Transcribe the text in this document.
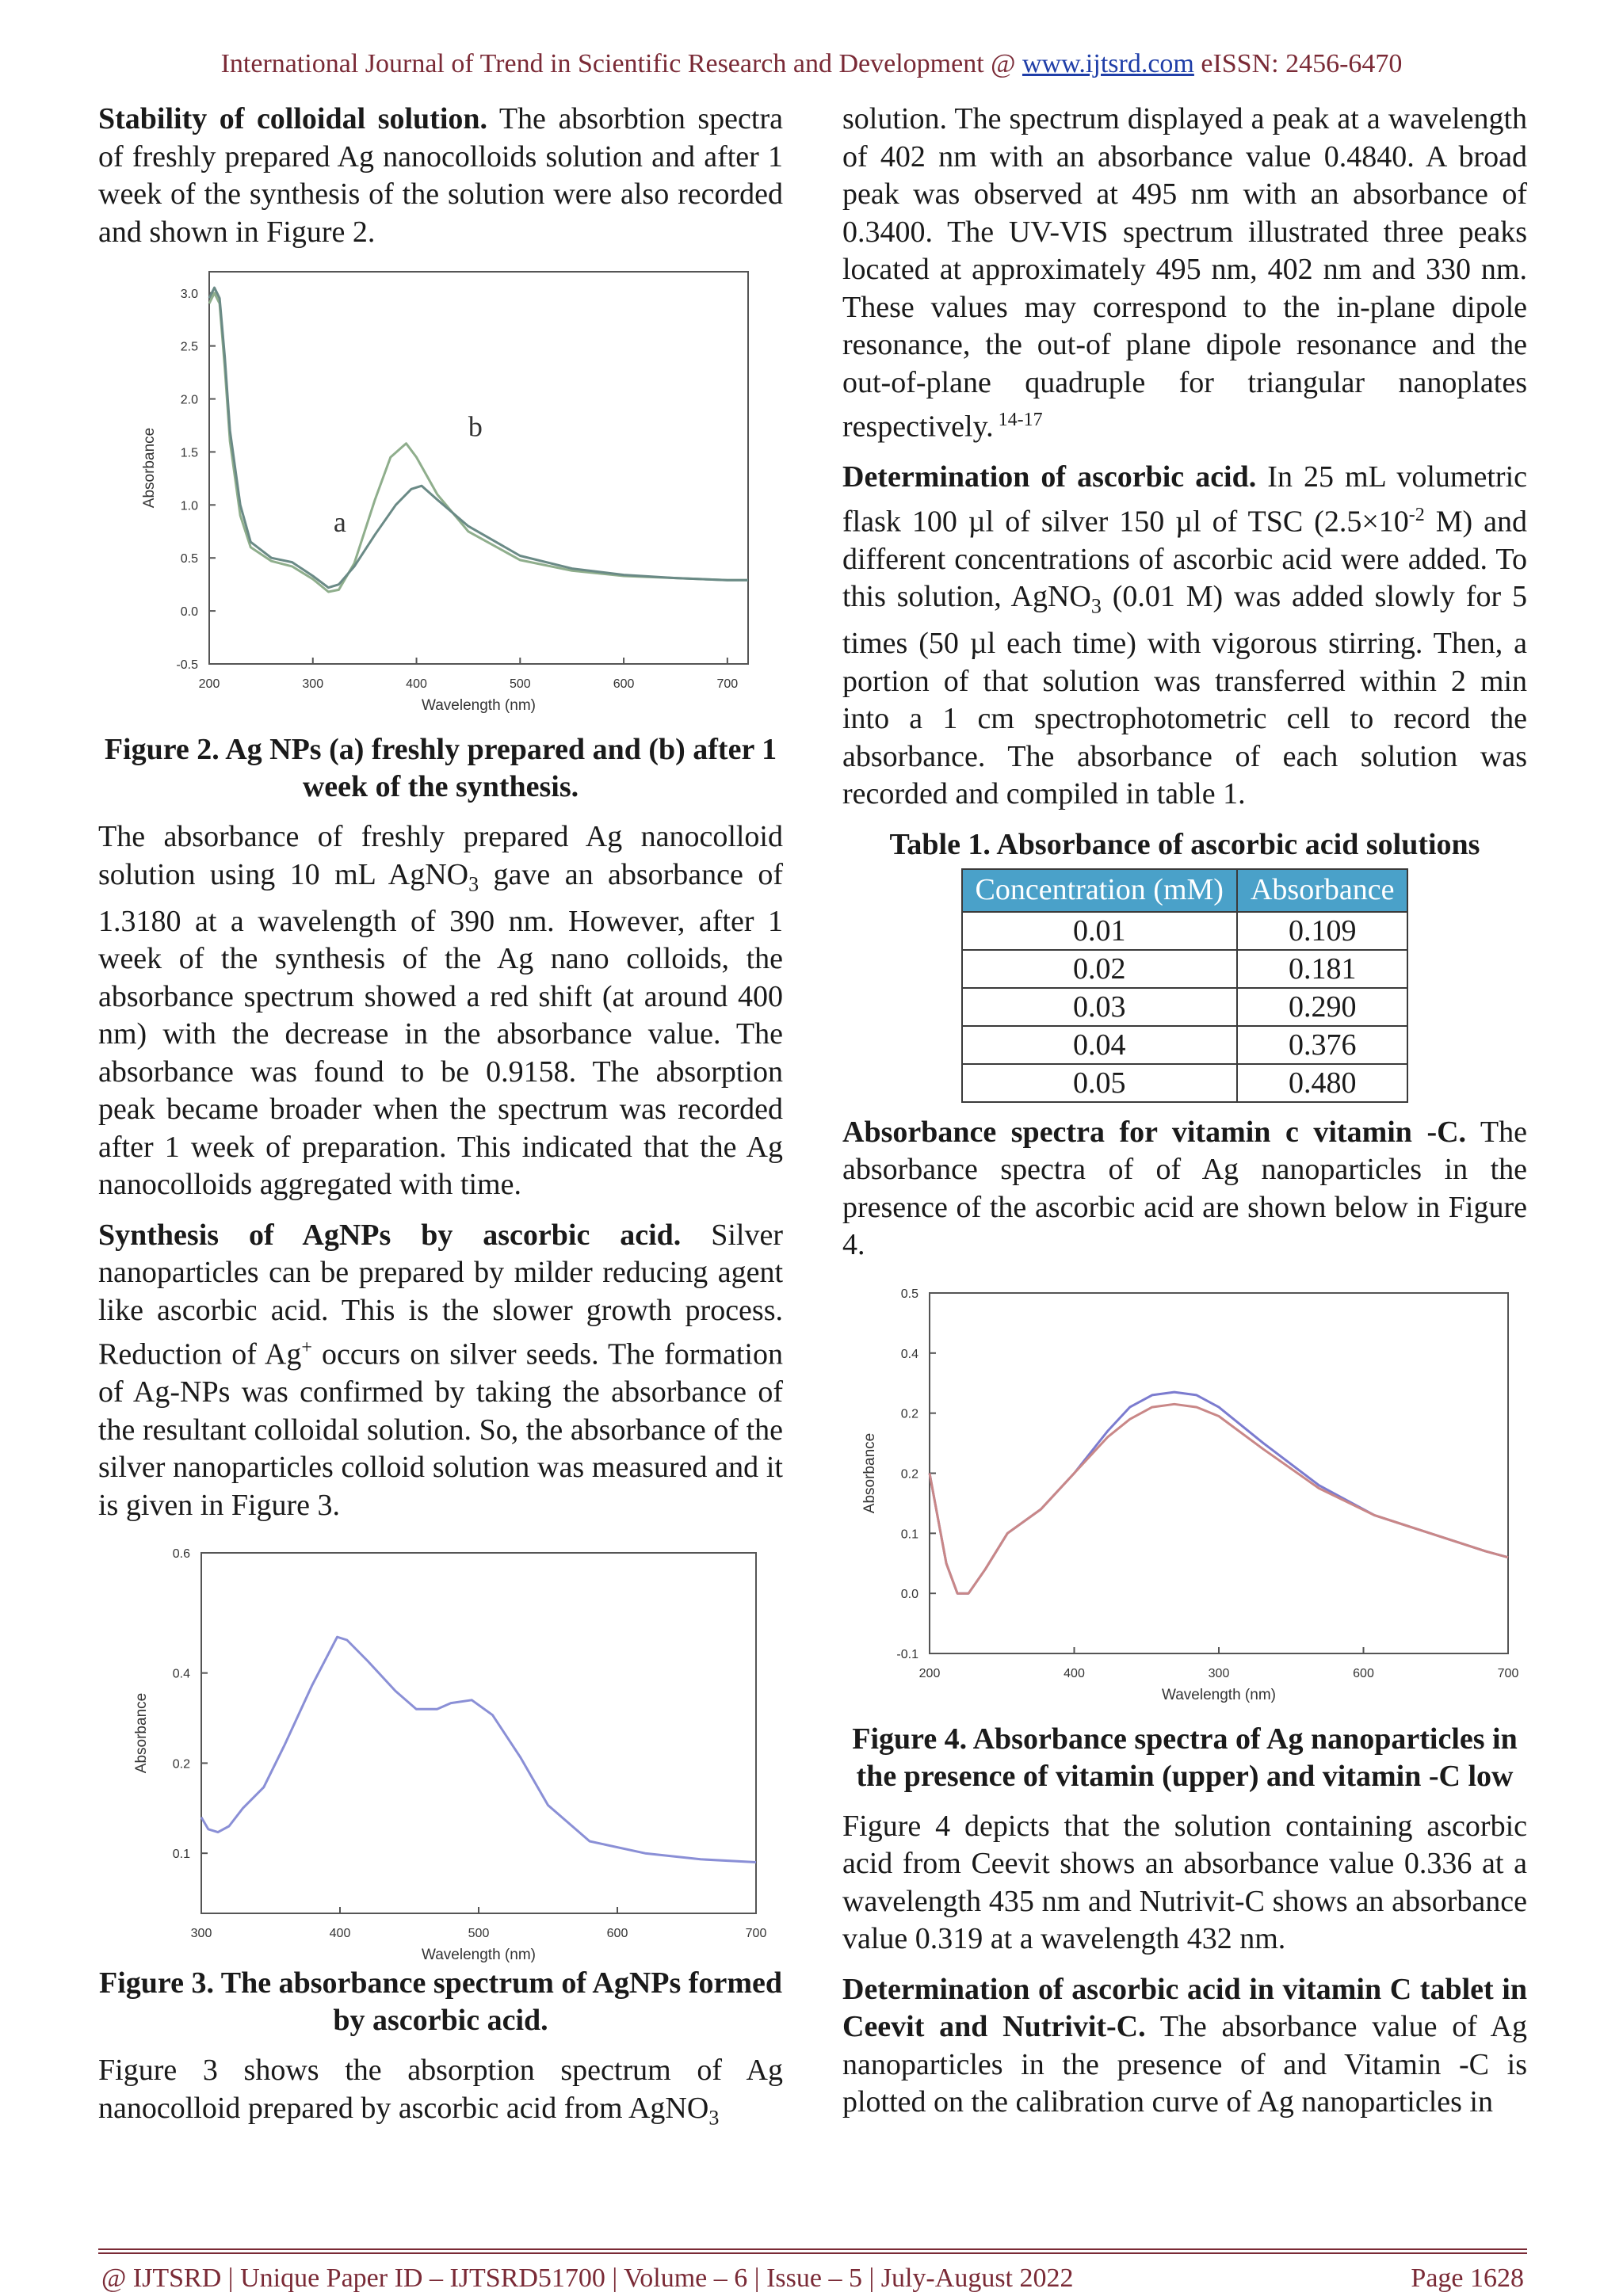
International Journal of Trend in Scientific Research and Development @ www.ijtsrd.com eISSN: 2456-6470

Stability of colloidal solution. The absorbtion spectra of freshly prepared Ag nanocolloids solution and after 1 week of the synthesis of the solution were also recorded and shown in Figure 2.

200	300	400	500	600	700
-0.5
0.0
0.5
1.0
1.5
2.0
2.5
3.0
Wavelength (nm)
Absorbance
a
b
Figure 2. Ag NPs (a) freshly prepared and (b) after 1 week of the synthesis.

The absorbance of freshly prepared Ag nanocolloid solution using 10 mL AgNO$_3$ gave an absorbance of 1.3180 at a wavelength of 390 nm. However, after 1 week of the synthesis of the Ag nano colloids, the absorbance spectrum showed a red shift (at around 400 nm) with the decrease in the absorbance value. The absorbance was found to be 0.9158. The absorption peak became broader when the spectrum was recorded after 1 week of preparation. This indicated that the Ag nanocolloids aggregated with time.

Synthesis of AgNPs by ascorbic acid. Silver nanoparticles can be prepared by milder reducing agent like ascorbic acid. This is the slower growth process. Reduction of Ag+ occurs on silver seeds. The formation of Ag-NPs was confirmed by taking the absorbance of the resultant colloidal solution. So, the absorbance of the silver nanoparticles colloid solution was measured and it is given in Figure 3.

300	400	500	600	700
0.1
0.2
0.4
0.6
Wavelength (nm)
Absorbance
Figure 3. The absorbance spectrum of AgNPs formed by ascorbic acid.

Figure 3 shows the absorption spectrum of Ag nanocolloid prepared by ascorbic acid from AgNO$_3$

solution. The spectrum displayed a peak at a wavelength of 402 nm with an absorbance value 0.4840. A broad peak was observed at 495 nm with an absorbance of 0.3400. The UV-VIS spectrum illustrated three peaks located at approximately 495 nm, 402 nm and 330 nm. These values may correspond to the in-plane dipole resonance, the out-of plane dipole resonance and the out-of-plane quadruple for triangular nanoplates respectively. $^{14-17}$

Determination of ascorbic acid. In 25 mL volumetric flask 100 µl of silver 150 µl of TSC ($2.5\times 10^{-2}$ M) and different concentrations of ascorbic acid were added. To this solution, AgNO$_3$ (0.01 M) was added slowly for 5 times (50 µl each time) with vigorous stirring. Then, a portion of that solution was transferred within 2 min into a 1 cm spectrophotometric cell to record the absorbance. The absorbance of each solution was recorded and compiled in table 1.

Table 1. Absorbance of ascorbic acid solutions
Concentration (mM)	Absorbance
0.01	0.109
0.02	0.181
0.03	0.290
0.04	0.376
0.05	0.480

Absorbance spectra for vitamin c vitamin -C. The absorbance spectra of of Ag nanoparticles in the presence of the ascorbic acid are shown below in Figure 4.

200	400	300	600	700
-0.1
0.0
0.1
0.2
0.2
0.4
0.5
Wavelength (nm)
Absorbance
Figure 4. Absorbance spectra of Ag nanoparticles in the presence of vitamin (upper) and vitamin -C low

Figure 4 depicts that the solution containing ascorbic acid from Ceevit shows an absorbance value 0.336 at a wavelength 435 nm and Nutrivit-C shows an absorbance value 0.319 at a wavelength 432 nm.

Determination of ascorbic acid in vitamin C tablet in Ceevit and Nutrivit-C. The absorbance value of Ag nanoparticles in the presence of and Vitamin -C is plotted on the calibration curve of Ag nanoparticles in

@ IJTSRD | Unique Paper ID – IJTSRD51700 | Volume – 6 | Issue – 5 | July-August 2022	Page 1628
